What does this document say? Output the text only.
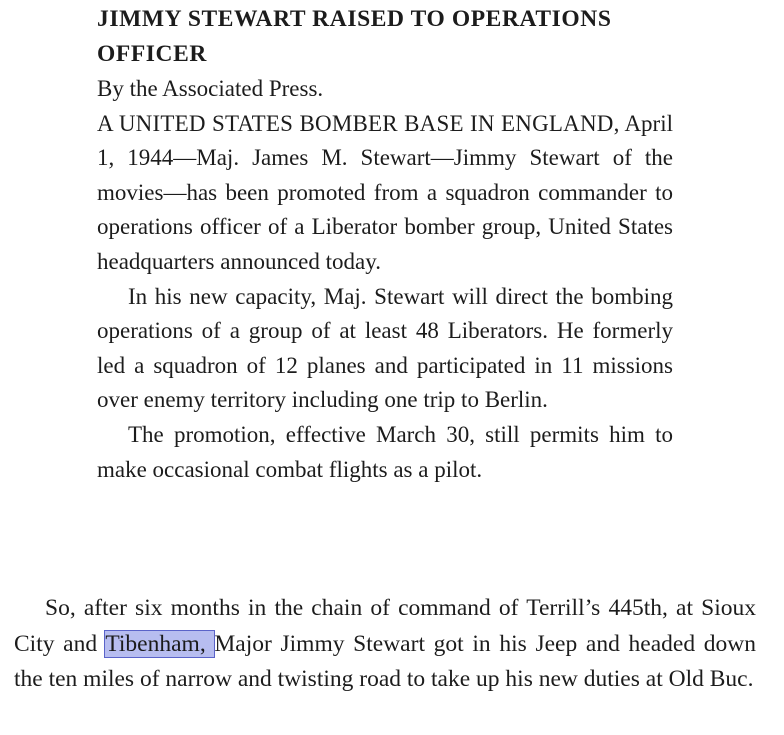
JIMMY STEWART RAISED TO OPERATIONS OFFICER

By the Associated Press.

A UNITED STATES BOMBER BASE IN ENGLAND, April 1, 1944—Maj. James M. Stewart—Jimmy Stewart of the movies—has been promoted from a squadron commander to operations officer of a Liberator bomber group, United States headquarters announced today.

In his new capacity, Maj. Stewart will direct the bombing operations of a group of at least 48 Liberators. He formerly led a squadron of 12 planes and participated in 11 missions over enemy territory including one trip to Berlin.

The promotion, effective March 30, still permits him to make occasional combat flights as a pilot.

So, after six months in the chain of command of Terrill’s 445th, at Sioux City and Tibenham, Major Jimmy Stewart got in his Jeep and headed down the ten miles of narrow and twisting road to take up his new duties at Old Buc.
